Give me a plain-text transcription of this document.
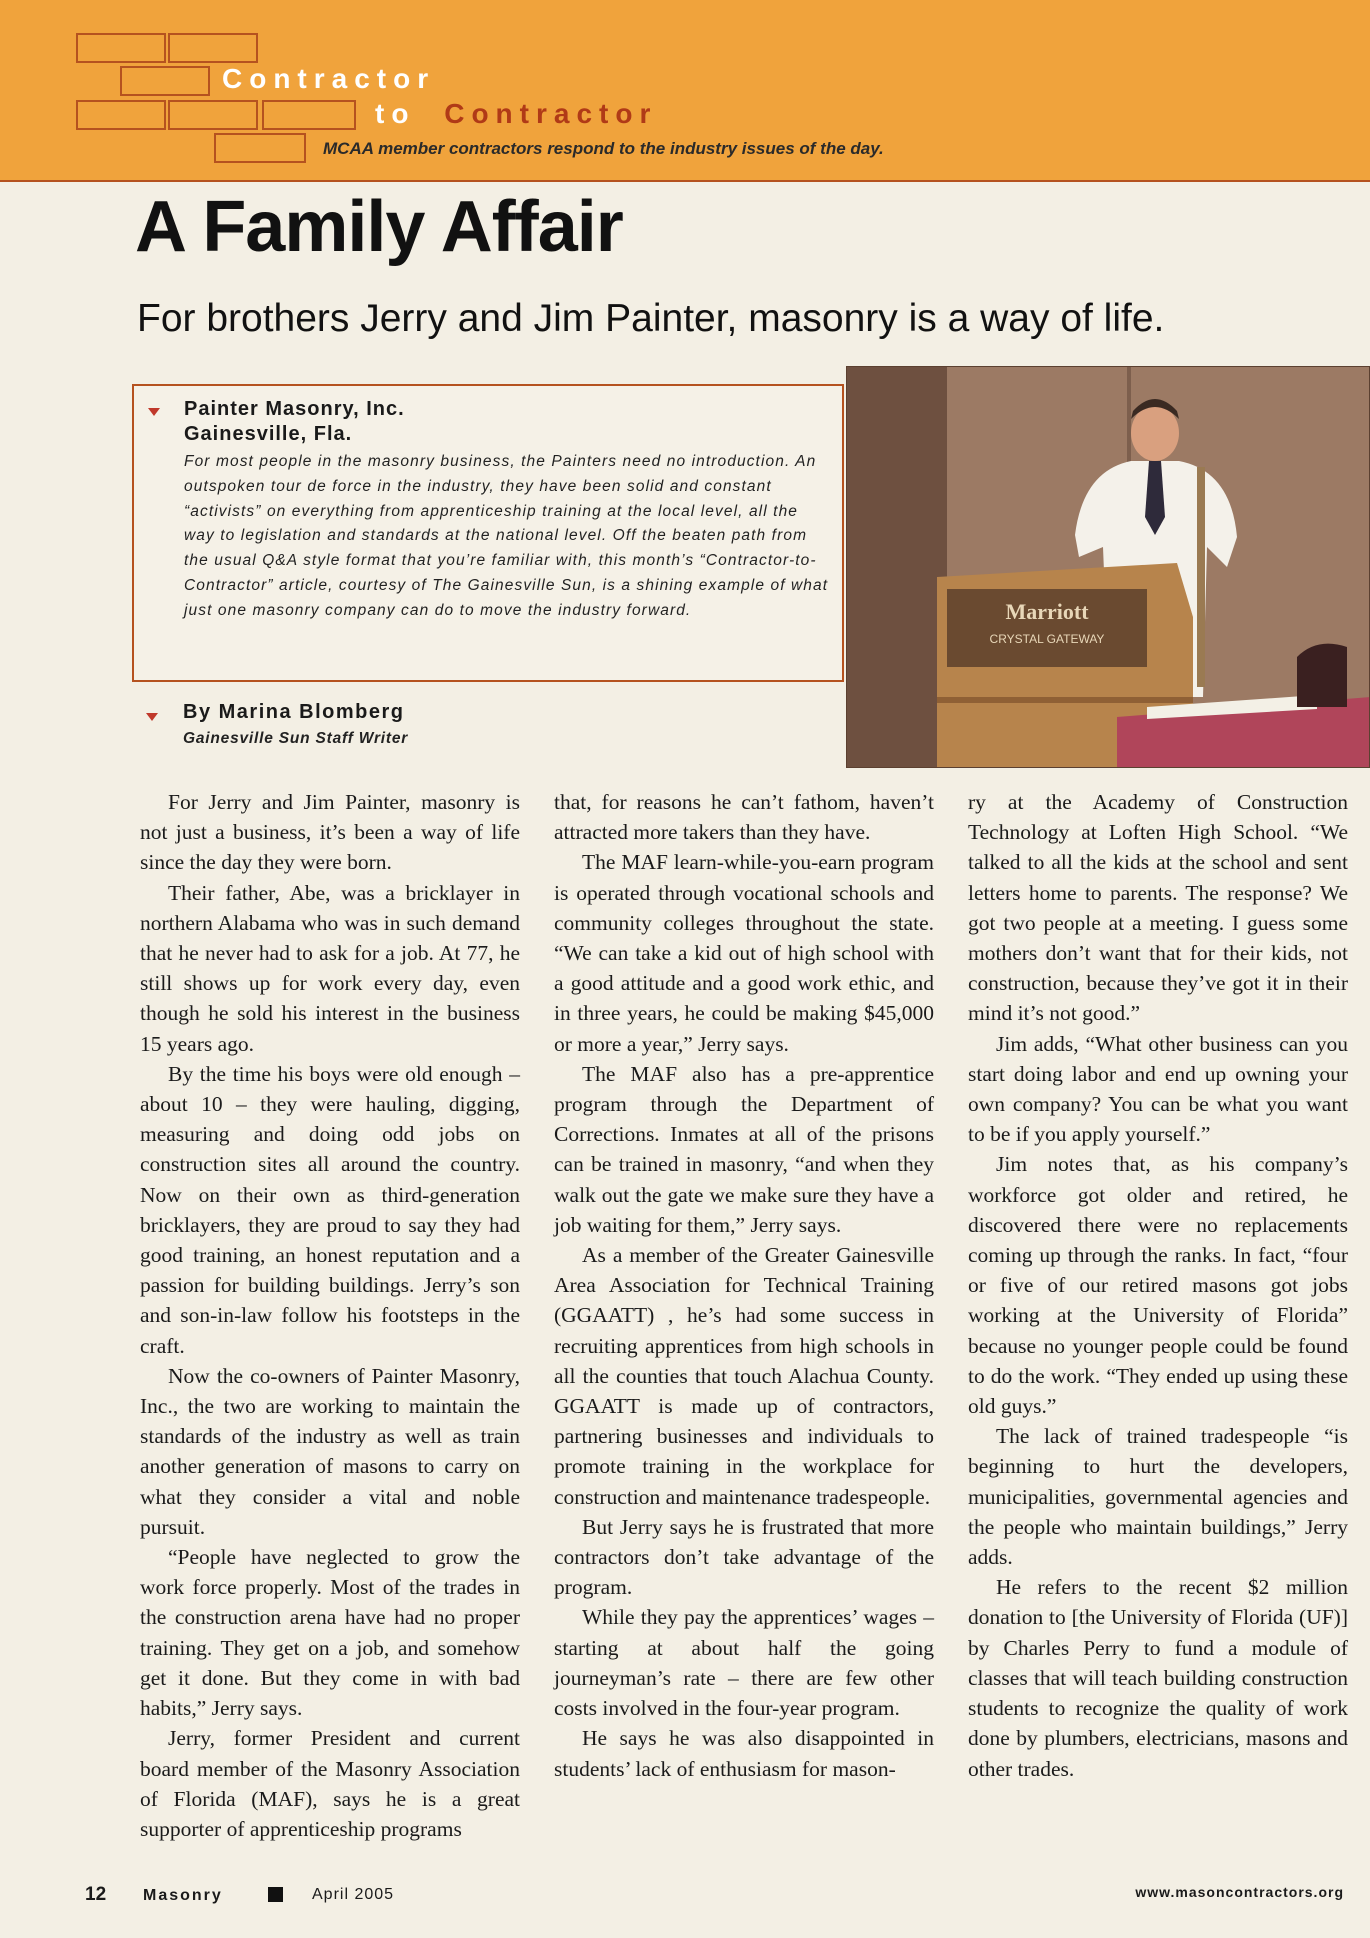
Contractor
to Contractor
MCAA member contractors respond to the industry issues of the day.
A Family Affair
For brothers Jerry and Jim Painter, masonry is a way of life.

Painter Masonry, Inc.

Gainesville, Fla.

For most people in the masonry business, the Painters need no introduction. An outspoken tour de force in the industry, they have been solid and constant “activists” on everything from apprenticeship training at the local level, all the way to legislation and standards at the national level. Off the beaten path from the usual Q&A style format that you’re familiar with, this month’s “Contractor-to-Contractor” article, courtesy of The Gainesville Sun, is a shining example of what just one masonry company can do to move the industry forward.	Marriott
CRYSTAL GATEWAY

By Marina Blomberg

Gainesville Sun Staff Writer

For Jerry and Jim Painter, masonry is not just a business, it’s been a way of life since the day they were born.

Their father, Abe, was a bricklayer in northern Alabama who was in such demand that he never had to ask for a job. At 77, he still shows up for work every day, even though he sold his interest in the business 15 years ago.

By the time his boys were old enough – about 10 – they were hauling, digging, measuring and doing odd jobs on construction sites all around the country. Now on their own as third-generation bricklayers, they are proud to say they had good training, an honest reputation and a passion for building buildings. Jerry’s son and son-in-law follow his footsteps in the craft.

Now the co-owners of Painter Masonry, Inc., the two are working to maintain the standards of the industry as well as train another generation of masons to carry on what they consider a vital and noble pursuit.

“People have neglected to grow the work force properly. Most of the trades in the construction arena have had no proper training. They get on a job, and somehow get it done. But they come in with bad habits,” Jerry says.

Jerry, former President and current board member of the Masonry Association of Florida (MAF), says he is a great supporter of apprenticeship programs

that, for reasons he can’t fathom, haven’t attracted more takers than they have.

The MAF learn-while-you-earn program is operated through vocational schools and community colleges throughout the state. “We can take a kid out of high school with a good attitude and a good work ethic, and in three years, he could be making $45,000 or more a year,” Jerry says.

The MAF also has a pre-apprentice program through the Department of Corrections. Inmates at all of the prisons can be trained in masonry, “and when they walk out the gate we make sure they have a job waiting for them,” Jerry says.

As a member of the Greater Gainesville Area Association for Technical Training (GGAATT) , he’s had some success in recruiting apprentices from high schools in all the counties that touch Alachua County. GGAATT is made up of contractors, partnering businesses and individuals to promote training in the workplace for construction and maintenance tradespeople.

But Jerry says he is frustrated that more contractors don’t take advantage of the program.

While they pay the apprentices’ wages – starting at about half the going journeyman’s rate – there are few other costs involved in the four-year program.

He says he was also disappointed in students’ lack of enthusiasm for mason-

ry at the Academy of Construction Technology at Loften High School. “We talked to all the kids at the school and sent letters home to parents. The response? We got two people at a meeting. I guess some mothers don’t want that for their kids, not construction, because they’ve got it in their mind it’s not good.”

Jim adds, “What other business can you start doing labor and end up owning your own company? You can be what you want to be if you apply yourself.”

Jim notes that, as his company’s workforce got older and retired, he discovered there were no replacements coming up through the ranks. In fact, “four or five of our retired masons got jobs working at the University of Florida” because no younger people could be found to do the work. “They ended up using these old guys.”

The lack of trained tradespeople “is beginning to hurt the developers, municipalities, governmental agencies and the people who maintain buildings,” Jerry adds.

He refers to the recent $2 million donation to [the University of Florida (UF)] by Charles Perry to fund a module of classes that will teach building construction students to recognize the quality of work done by plumbers, electricians, masons and other trades.

12 Masonry	April 2005	www.masoncontractors.org
